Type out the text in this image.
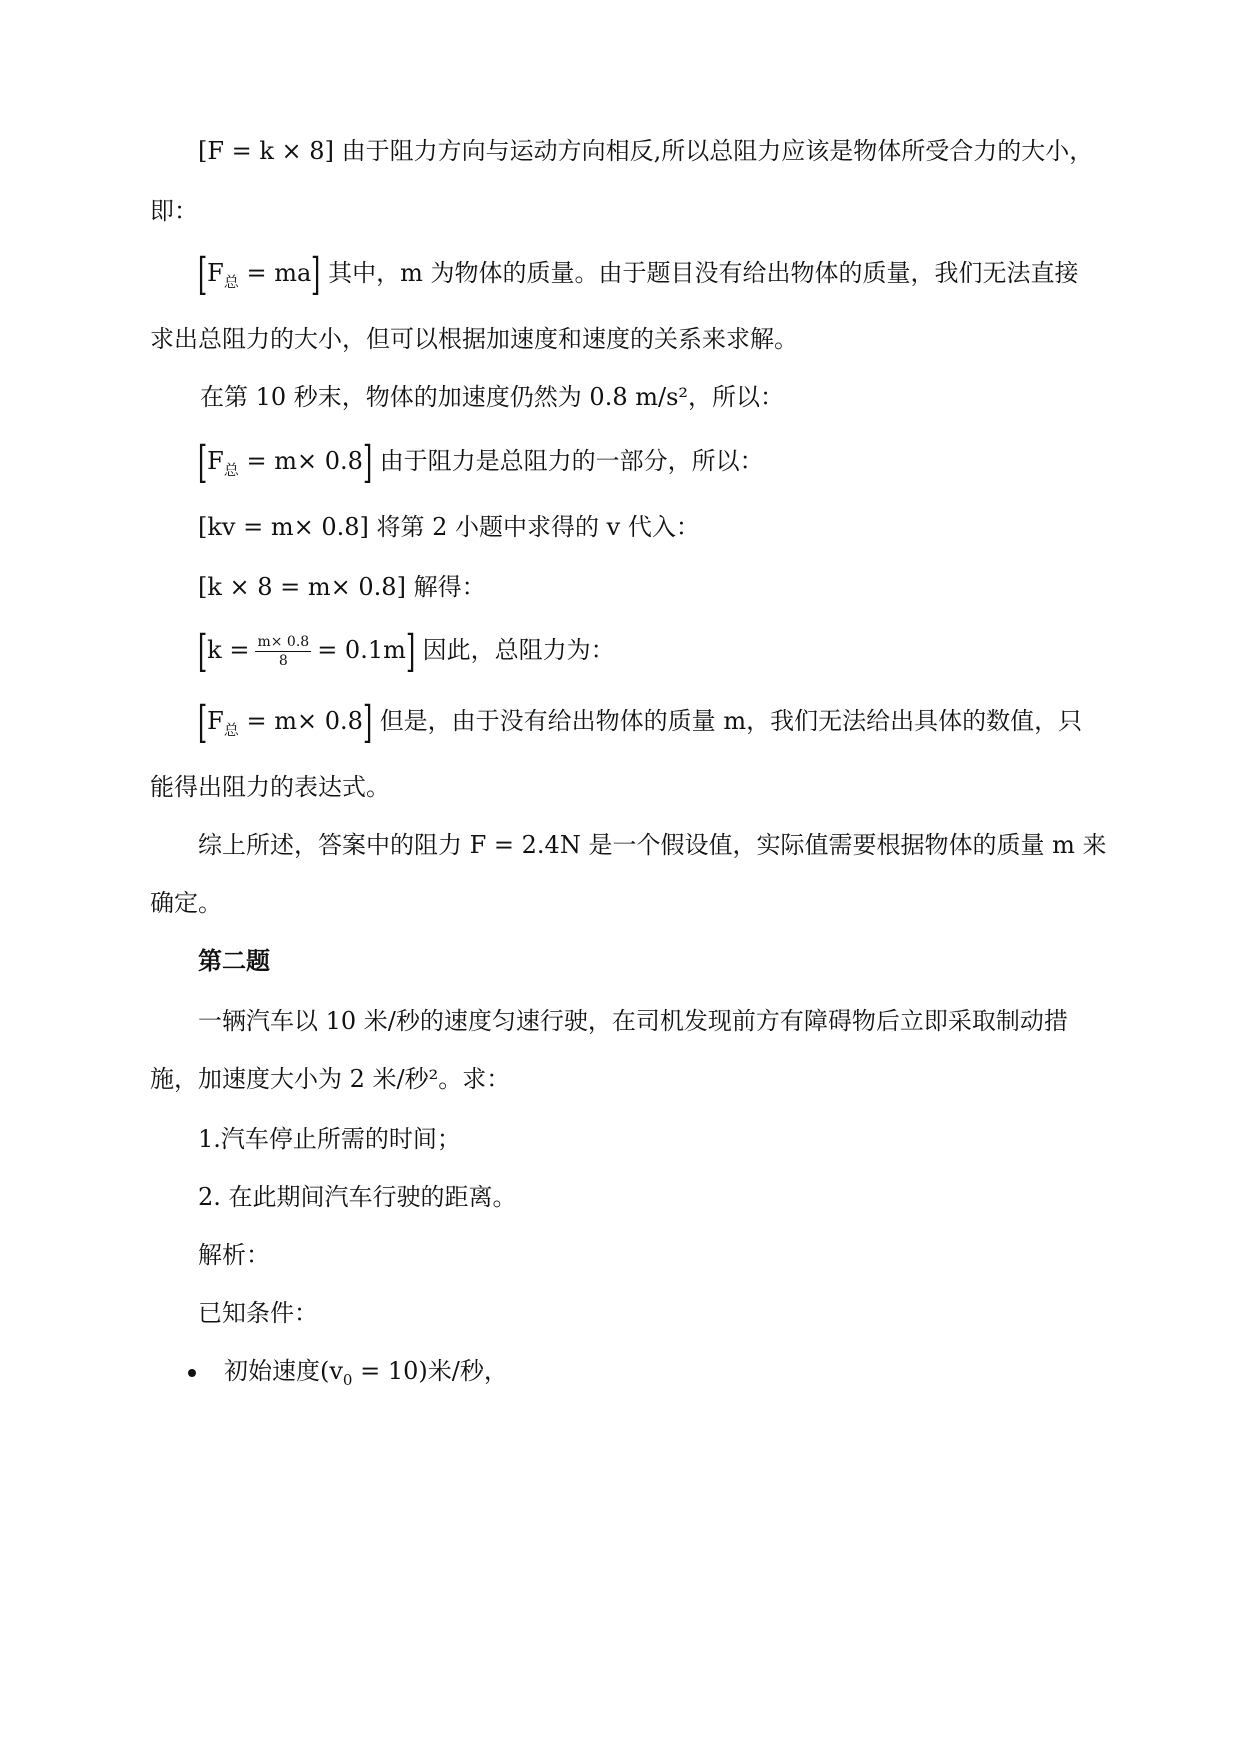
[F = k × 8] 由于阻力方向与运动方向相反,所以总阻力应该是物体所受合力的大小，
即：
$[F_总 = ma]$ 其中，m 为物体的质量。由于题目没有给出物体的质量，我们无法直接
求出总阻力的大小，但可以根据加速度和速度的关系来求解。
在第 10 秒末，物体的加速度仍然为 0.8 m/s²，所以：
$[F_总 = m\times 0.8]$ 由于阻力是总阻力的一部分，所以：
[kv = m× 0.8] 将第 2 小题中求得的 v 代入：
[k × 8 = m× 0.8] 解得：
$[k = \frac{m\times 0.8}{8} = 0.1m]$ 因此，总阻力为：
$[F_总 = m\times 0.8]$ 但是，由于没有给出物体的质量 m，我们无法给出具体的数值，只
能得出阻力的表达式。
综上所述，答案中的阻力 F = 2.4N 是一个假设值，实际值需要根据物体的质量 m 来
确定。
第二题
一辆汽车以 10 米/秒的速度匀速行驶，在司机发现前方有障碍物后立即采取制动措
施，加速度大小为 2 米/秒²。求：
1.汽车停止所需的时间；
2. 在此期间汽车行驶的距离。
解析：
已知条件：
初始速度$(v_0 = 10)$米/秒，
